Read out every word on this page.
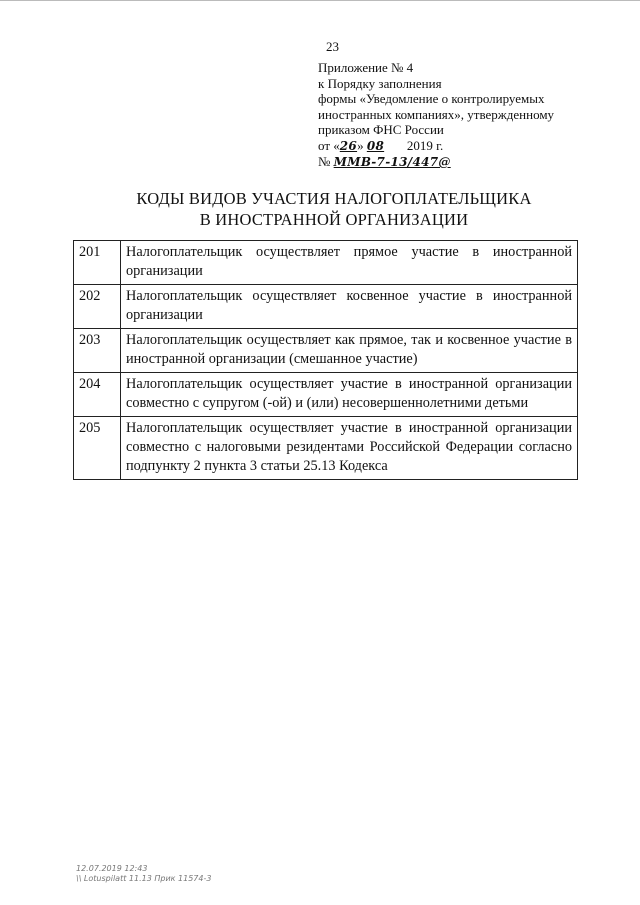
23
Приложение № 4
к Порядку заполнения
формы «Уведомление о контролируемых
иностранных компаниях», утвержденному
приказом ФНС России
от «26» 08 2019 г.
№ ММВ-7-13/447@
КОДЫ ВИДОВ УЧАСТИЯ НАЛОГОПЛАТЕЛЬЩИКА
В ИНОСТРАННОЙ ОРГАНИЗАЦИИ
201	Налогоплательщик осуществляет прямое участие в иностранной организации
202	Налогоплательщик осуществляет косвенное участие в иностранной организации
203	Налогоплательщик осуществляет как прямое, так и косвенное участие в иностранной организации (смешанное участие)
204	Налогоплательщик осуществляет участие в иностранной организации совместно с супругом (-ой) и (или) несовершеннолетними детьми
205	Налогоплательщик осуществляет участие в иностранной организации совместно с налоговыми резидентами Российской Федерации согласно подпункту 2 пункта 3 статьи 25.13 Кодекса
12.07.2019 12:43
\\ Lotuspilatt 11.13 Прик 11574-3
